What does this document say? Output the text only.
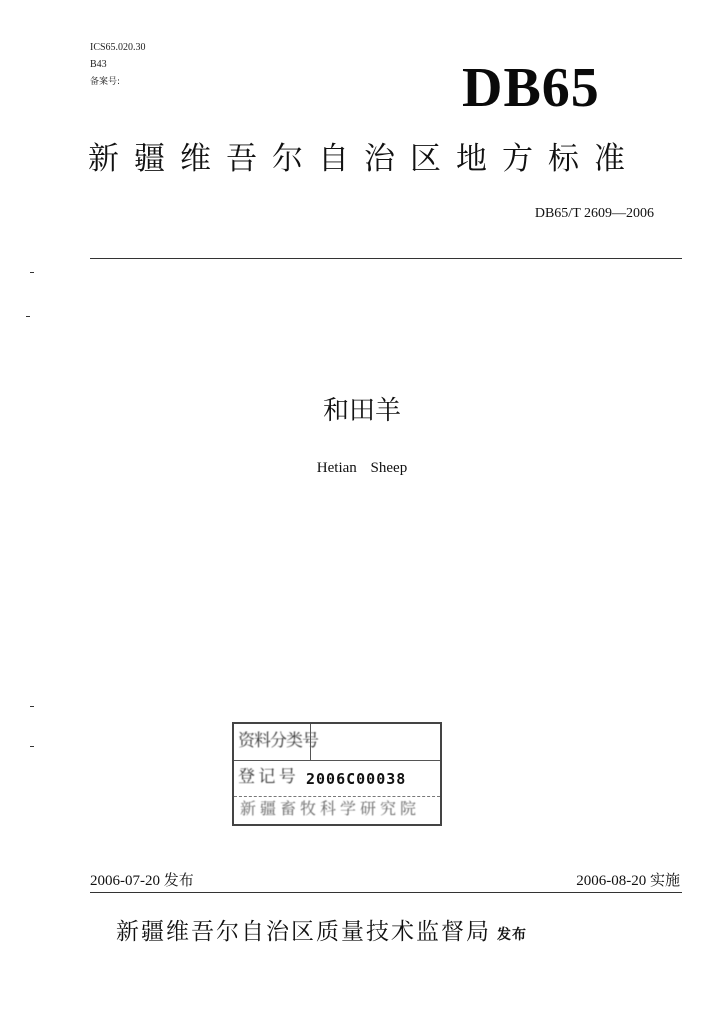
ICS65.020.30
B43
备案号:	DB65
新疆维吾尔自治区地方标准
DB65/T 2609—2006
和田羊
Hetian Sheep
资料分类号
登 记 号 2006C00038
新疆畜牧科学研究院
2006-07-20 发布	2006-08-20 实施
新疆维吾尔自治区质量技术监督局 发布
